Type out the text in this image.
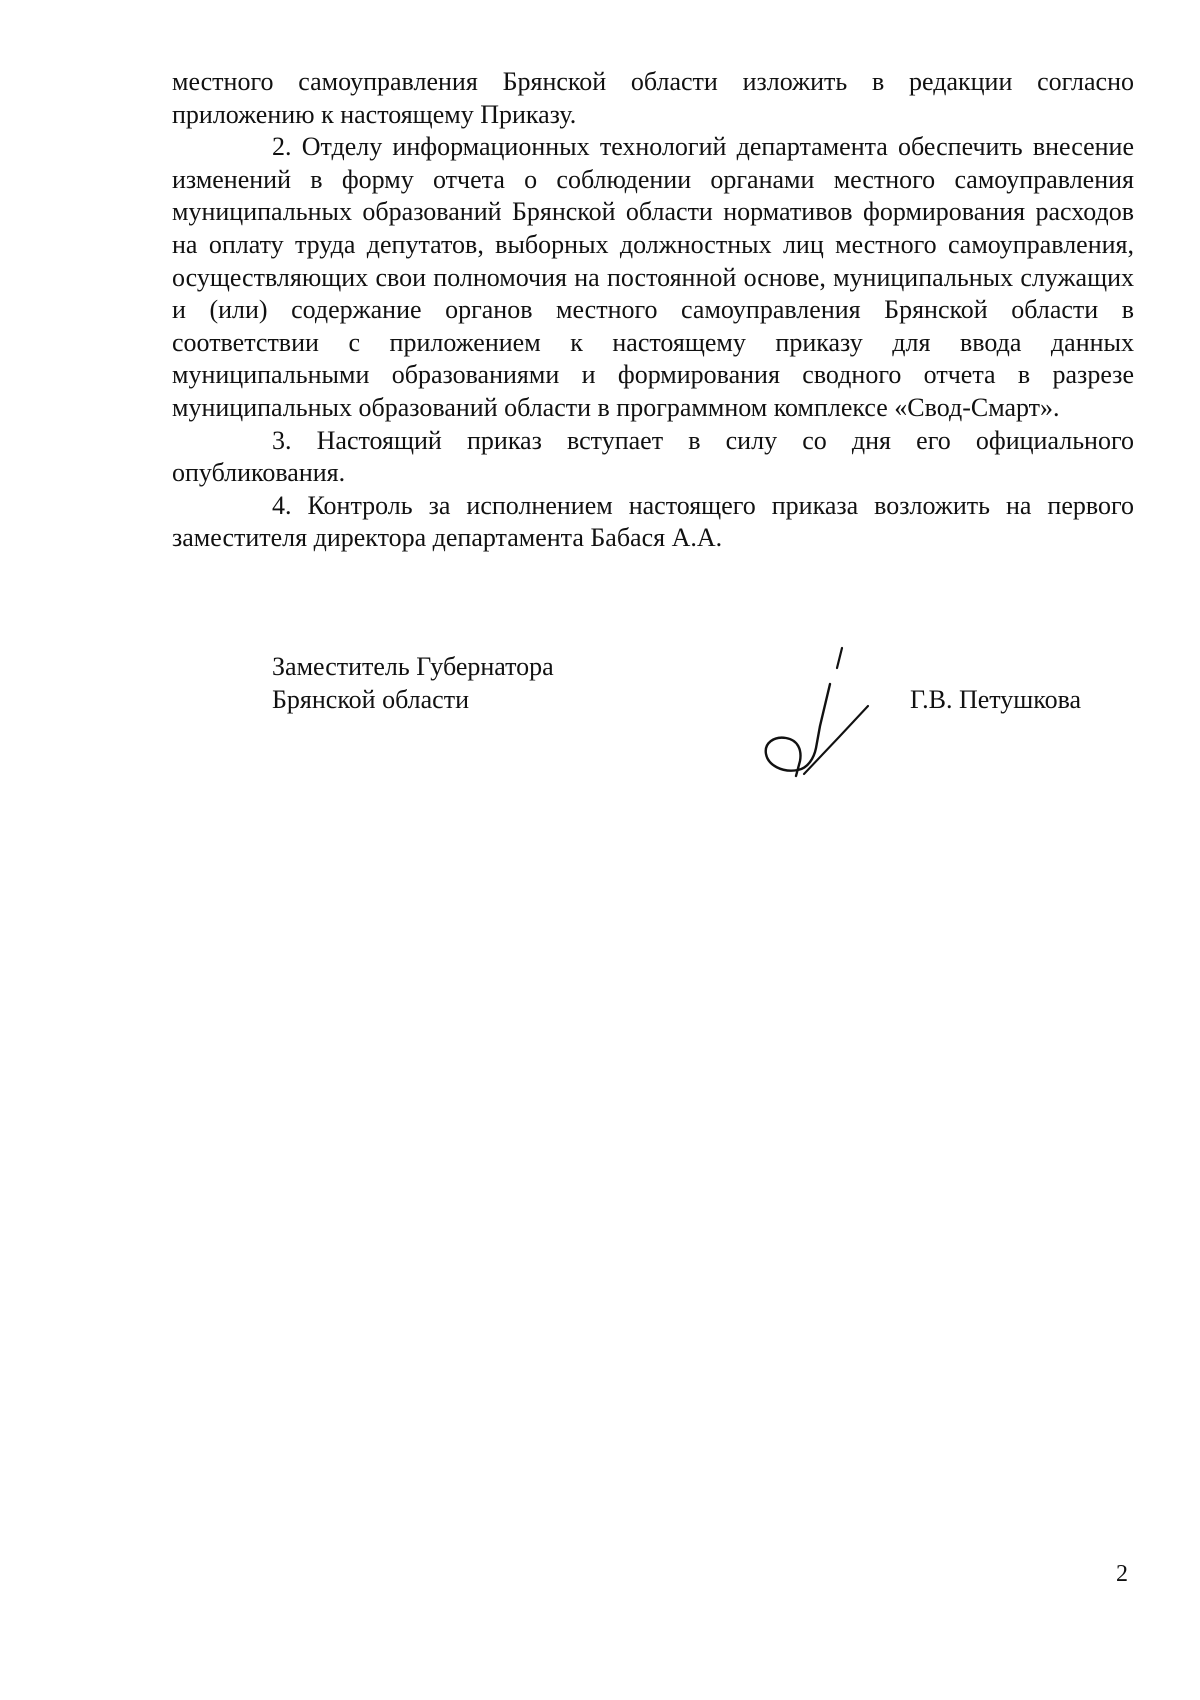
местного самоуправления Брянской области изложить в редакции согласно приложению к настоящему Приказу.

2. Отделу информационных технологий департамента обеспечить внесение изменений в форму отчета о соблюдении органами местного самоуправления муниципальных образований Брянской области нормативов формирования расходов на оплату труда депутатов, выборных должностных лиц местного самоуправления, осуществляющих свои полномочия на постоянной основе, муниципальных служащих и (или) содержание органов местного самоуправления Брянской области в соответствии с приложением к настоящему приказу для ввода данных муниципальными образованиями и формирования сводного отчета в разрезе муниципальных образований области в программном комплексе «Свод-Смарт».

3. Настоящий приказ вступает в силу со дня его официального опубликования.

4. Контроль за исполнением настоящего приказа возложить на первого заместителя директора департамента Бабася А.А.

Заместитель Губернатора
Брянской области	Г.В. Петушкова
2
